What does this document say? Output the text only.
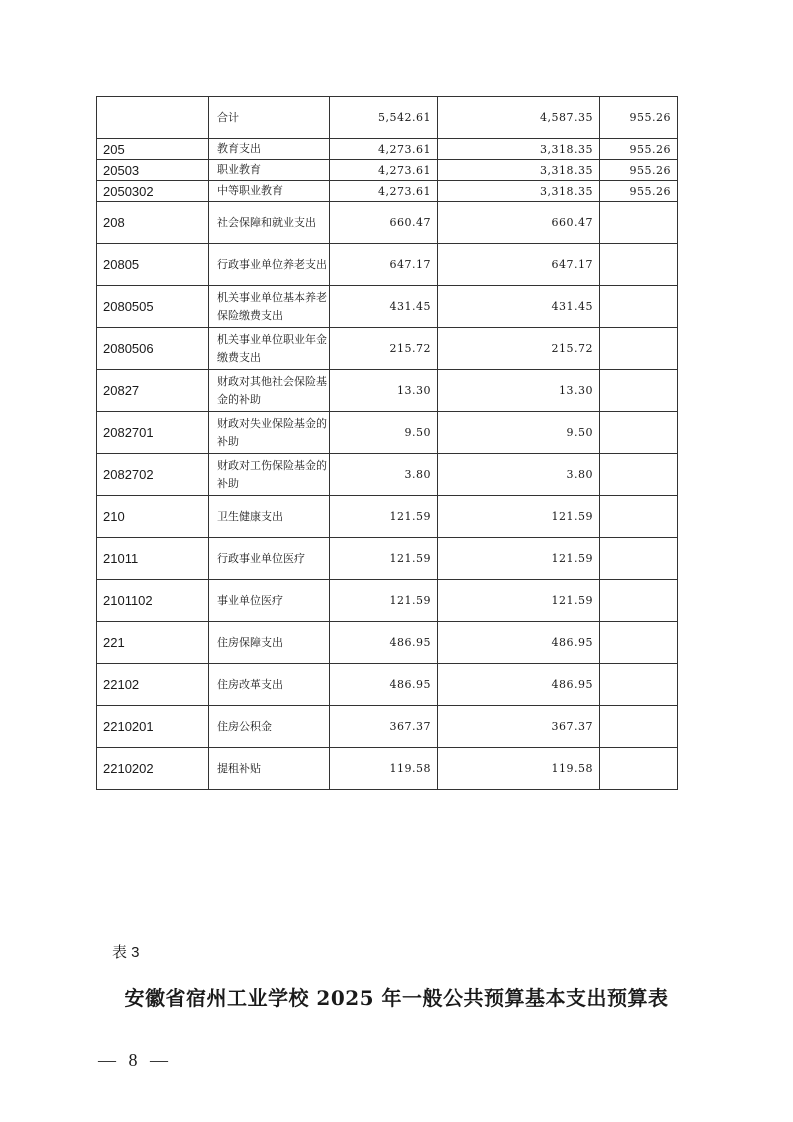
	合计	5,542.61	4,587.35	955.26
205	教育支出	4,273.61	3,318.35	955.26
20503	职业教育	4,273.61	3,318.35	955.26
2050302	中等职业教育	4,273.61	3,318.35	955.26
208	社会保障和就业支出	660.47	660.47	
20805	行政事业单位养老支出	647.17	647.17	
2080505	机关事业单位基本养老保险缴费支出	431.45	431.45	
2080506	机关事业单位职业年金缴费支出	215.72	215.72	
20827	财政对其他社会保险基金的补助	13.30	13.30	
2082701	财政对失业保险基金的补助	9.50	9.50	
2082702	财政对工伤保险基金的补助	3.80	3.80	
210	卫生健康支出	121.59	121.59	
21011	行政事业单位医疗	121.59	121.59	
2101102	事业单位医疗	121.59	121.59	
221	住房保障支出	486.95	486.95	
22102	住房改革支出	486.95	486.95	
2210201	住房公积金	367.37	367.37	
2210202	提租补贴	119.58	119.58	
表 3
安徽省宿州工业学校 2025 年一般公共预算基本支出预算表
— 8 —
